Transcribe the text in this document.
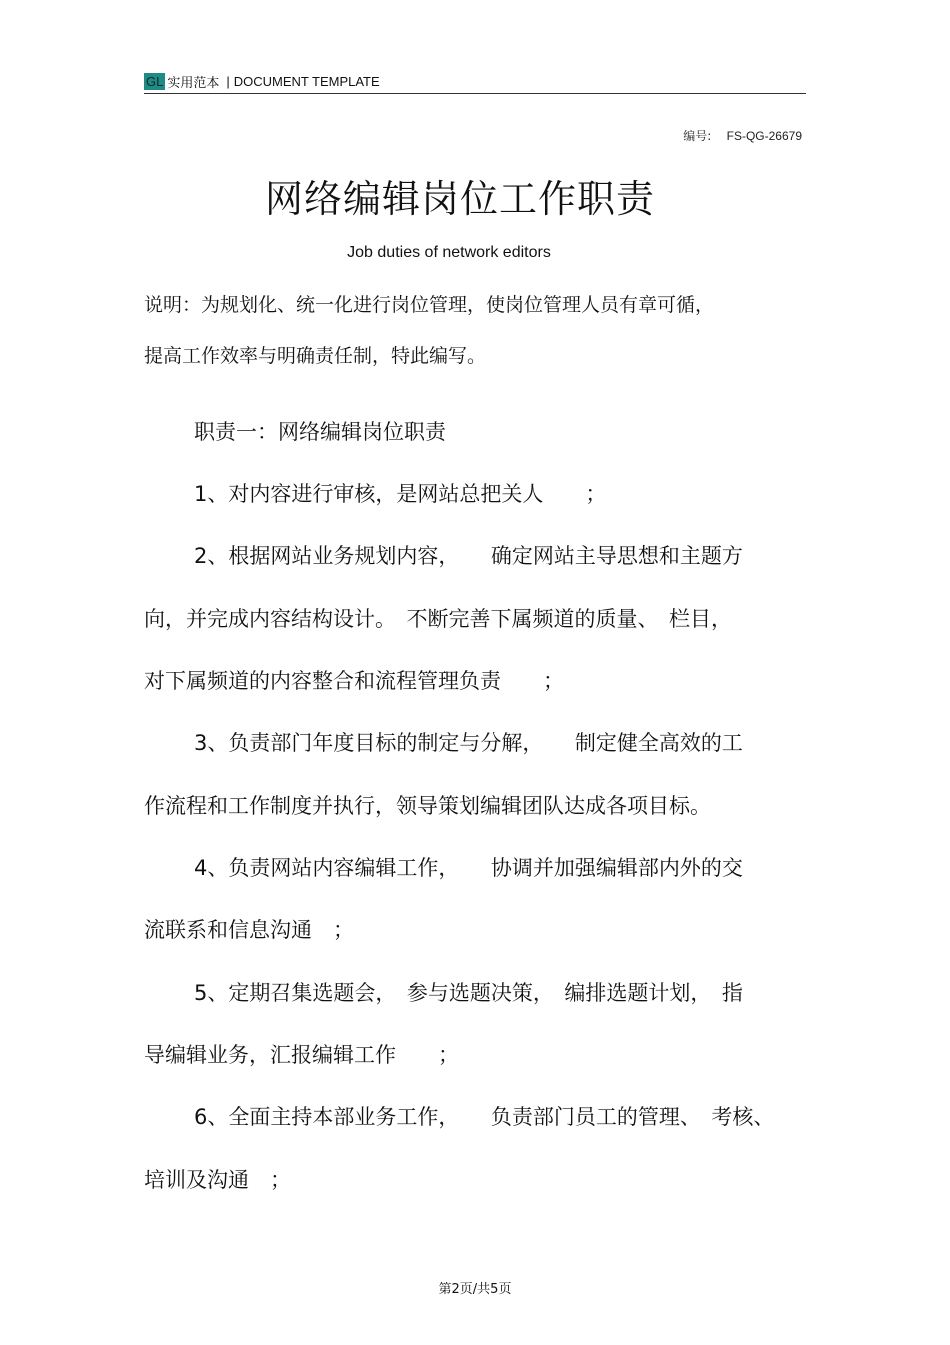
GL 实用范本 | DOCUMENT TEMPLATE
编号: FS-QG-26679
网络编辑岗位工作职责
Job duties of network editors
说明：为规划化、统一化进行岗位管理，使岗位管理人员有章可循，
提高工作效率与明确责任制，特此编写。
职责一：网络编辑岗位职责
1、对内容进行审核，是网站总把关人　　；
2、根据网站业务规划内容，　　确定网站主导思想和主题方
向，并完成内容结构设计。　不断完善下属频道的质量、　栏目，
对下属频道的内容整合和流程管理负责　　；
3、负责部门年度目标的制定与分解，　　制定健全高效的工
作流程和工作制度并执行，领导策划编辑团队达成各项目标。
4、负责网站内容编辑工作，　　协调并加强编辑部内外的交
流联系和信息沟通　；
5、定期召集选题会，　参与选题决策，　编排选题计划，　指
导编辑业务，汇报编辑工作　　；
6、全面主持本部业务工作，　　负责部门员工的管理、　考核、
培训及沟通　；
第2页/共5页
